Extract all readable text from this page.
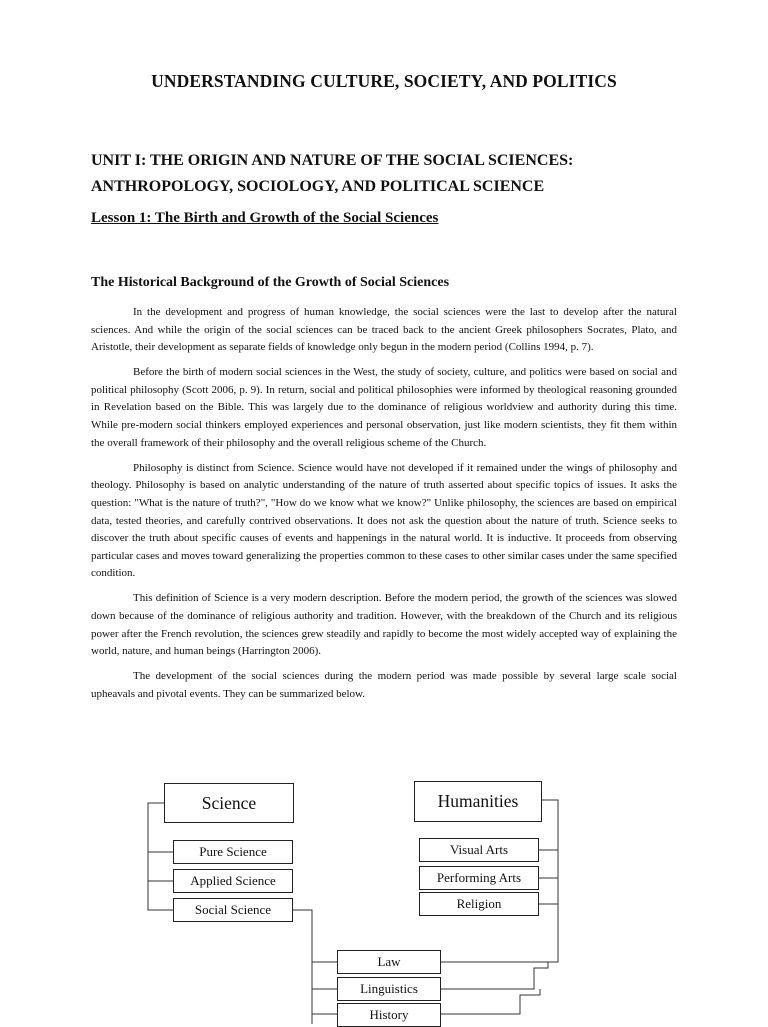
UNDERSTANDING CULTURE, SOCIETY, AND POLITICS
UNIT I: THE ORIGIN AND NATURE OF THE SOCIAL SCIENCES:
ANTHROPOLOGY, SOCIOLOGY, AND POLITICAL SCIENCE
Lesson 1: The Birth and Growth of the Social Sciences
The Historical Background of the Growth of Social Sciences

In the development and progress of human knowledge, the social sciences were the last to develop after the natural sciences. And while the origin of the social sciences can be traced back to the ancient Greek philosophers Socrates, Plato, and Aristotle, their development as separate fields of knowledge only begun in the modern period (Collins 1994, p. 7).

Before the birth of modern social sciences in the West, the study of society, culture, and politics were based on social and political philosophy (Scott 2006, p. 9). In return, social and political philosophies were informed by theological reasoning grounded in Revelation based on the Bible. This was largely due to the dominance of religious worldview and authority during this time. While pre-modern social thinkers employed experiences and personal observation, just like modern scientists, they fit them within the overall framework of their philosophy and the overall religious scheme of the Church.

Philosophy is distinct from Science. Science would have not developed if it remained under the wings of philosophy and theology. Philosophy is based on analytic understanding of the nature of truth asserted about specific topics of issues. It asks the question: "What is the nature of truth?", "How do we know what we know?" Unlike philosophy, the sciences are based on empirical data, tested theories, and carefully contrived observations. It does not ask the question about the nature of truth. Science seeks to discover the truth about specific causes of events and happenings in the natural world. It is inductive. It proceeds from observing particular cases and moves toward generalizing the properties common to these cases to other similar cases under the same specified condition.

This definition of Science is a very modern description. Before the modern period, the growth of the sciences was slowed down because of the dominance of religious authority and tradition. However, with the breakdown of the Church and its religious power after the French revolution, the sciences grew steadily and rapidly to become the most widely accepted way of explaining the world, nature, and human beings (Harrington 2006).

The development of the social sciences during the modern period was made possible by several large scale social upheavals and pivotal events. They can be summarized below.

Science	Humanities
Pure Science
Applied Science
Social Science
Visual Arts
Performing Arts
Religion
Law
Linguistics
History
